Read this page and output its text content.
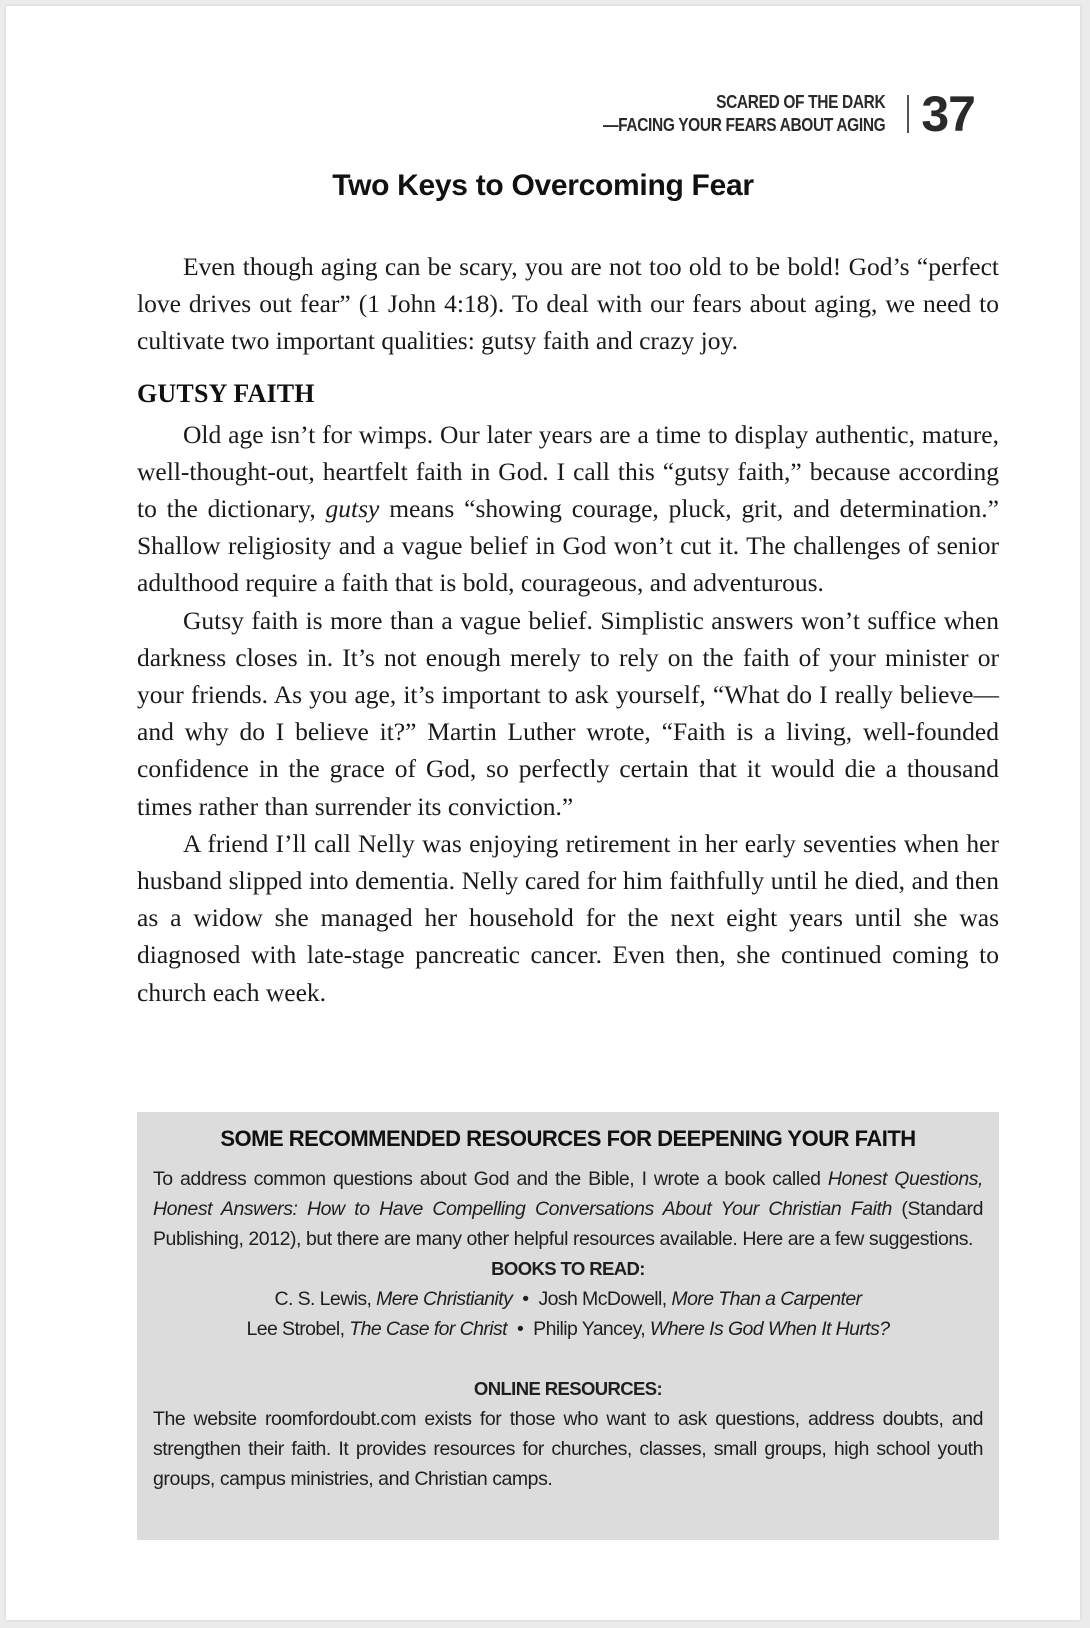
SCARED OF THE DARK
—FACING YOUR FEARS ABOUT AGING 37
Two Keys to Overcoming Fear

Even though aging can be scary, you are not too old to be bold! God’s “perfect love drives out fear” (1 John 4:18). To deal with our fears about aging, we need to cultivate two important qualities: gutsy faith and crazy joy.

GUTSY FAITH

Old age isn’t for wimps. Our later years are a time to display authentic, mature, well-thought-out, heartfelt faith in God. I call this “gutsy faith,” because according to the dictionary, gutsy means “showing courage, pluck, grit, and determination.” Shallow religiosity and a vague belief in God won’t cut it. The challenges of senior adulthood require a faith that is bold, courageous, and adventurous.

Gutsy faith is more than a vague belief. Simplistic answers won’t suffice when darkness closes in. It’s not enough merely to rely on the faith of your minister or your friends. As you age, it’s important to ask yourself, “What do I really believe—and why do I believe it?” Martin Luther wrote, “Faith is a living, well-founded confidence in the grace of God, so perfectly certain that it would die a thousand times rather than surrender its conviction.”

A friend I’ll call Nelly was enjoying retirement in her early seventies when her husband slipped into dementia. Nelly cared for him faithfully until he died, and then as a widow she managed her household for the next eight years until she was diagnosed with late-stage pancreatic cancer. Even then, she continued coming to church each week.

SOME RECOMMENDED RESOURCES FOR DEEPENING YOUR FAITH

To address common questions about God and the Bible, I wrote a book called Honest Questions, Honest Answers: How to Have Compelling Conversations About Your Christian Faith (Standard Publishing, 2012), but there are many other helpful resources available. Here are a few suggestions.

BOOKS TO READ:
C. S. Lewis, Mere Christianity • Josh McDowell, More Than a Carpenter
Lee Strobel, The Case for Christ • Philip Yancey, Where Is God When It Hurts?
ONLINE RESOURCES:

The website roomfordoubt.com exists for those who want to ask questions, address doubts, and strengthen their faith. It provides resources for churches, classes, small groups, high school youth groups, campus ministries, and Christian camps.
